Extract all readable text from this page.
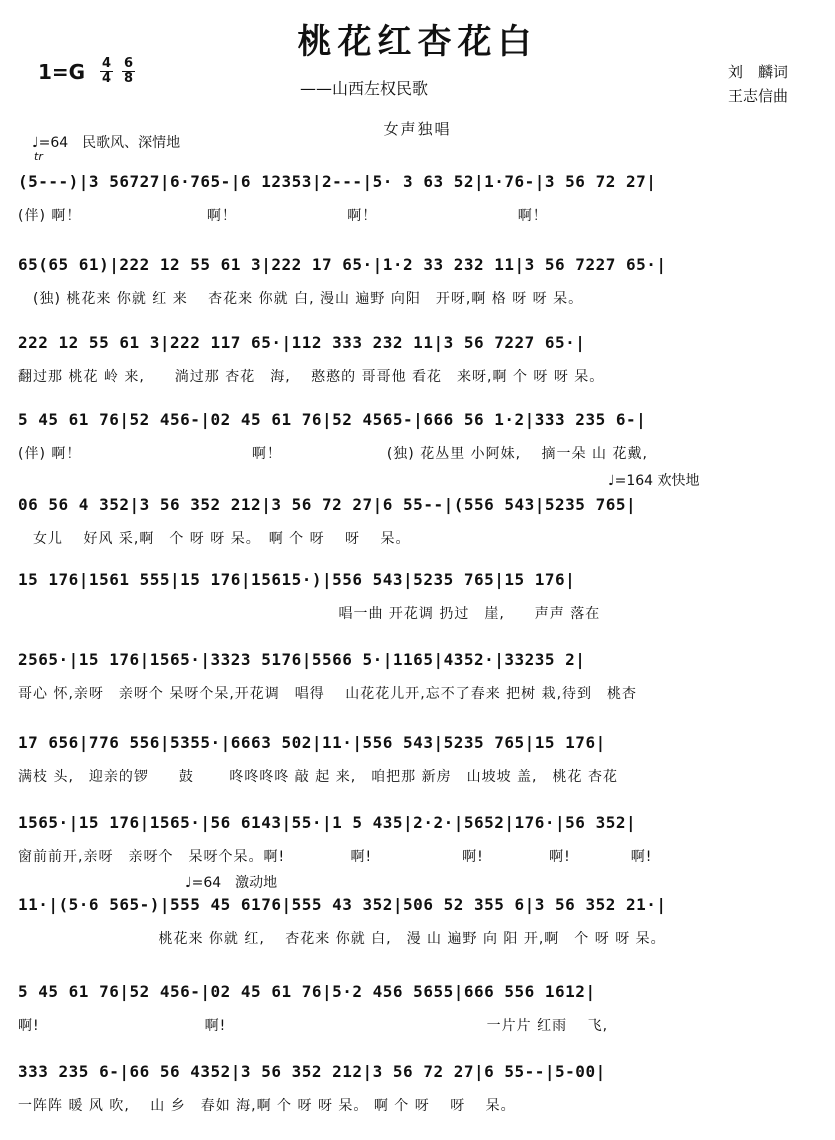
桃花红杏花白
1=G 4
4
6
8
——山西左权民歌
刘　麟词
王志信曲
女声独唱
♩=64　民歌风、深情地
tr
♩=164 欢快地
♩=64　激动地
(5---)|3 56727|6·765-|6 12353|2---|5· 3 63 52|1·76-|3 56 72 27|
(伴) 啊！　　　　　　　　 啊！　　　　　　　 啊！　　　　　　　　　 啊！
65(65 61)|222 12 55 61 3|222 17 65·|1·2 33 232 11|3 56 7227 65·|
　(独) 桃花来 你就 红 来　 杏花来 你就 白, 漫山 遍野 向阳　开呀,啊 格 呀 呀 呆。
222 12 55 61 3|222 117 65·|112 333 232 11|3 56 7227 65·|
翻过那 桃花 岭 来,　　淌过那 杏花　海,　 憨憨的 哥哥他 看花　来呀,啊 个 呀 呀 呆。
5 45 61 76|52 456-|02 45 61 76|52 4565-|666 56 1·2|333 235 6-|
(伴) 啊！　　　　　　　　　　　 啊！　　　　　　　(独) 花丛里 小阿妹,　 摘一朵 山 花戴,
06 56 4 352|3 56 352 212|3 56 72 27|6 55--|(556 543|5235 765|
　女儿　 好风 采,啊　个 呀 呀 呆。　啊 个 呀　 呀　 呆。
15 176|1561 555|15 176|15615·)|556 543|5235 765|15 176|
　　　　　　　　　　　　　　　　　　　　　 唱一曲 开花调 扔过　崖,　　声声 落在
2565·|15 176|1565·|3323 5176|5566 5·|1165|4352·|33235 2|
哥心 怀,亲呀　亲呀个 呆呀个呆,开花调　唱得　 山花花儿开,忘不了春来 把树 栽,待到　桃杏
17 656|776 556|5355·|6663 502|11·|556 543|5235 765|15 176|
满枝 头,　迎亲的锣　　鼓　　 咚咚咚咚 敲 起 来,　咱把那 新房　山坡坡 盖,　桃花 杏花
1565·|15 176|1565·|56 6143|55·|1 5 435|2·2·|5652|176·|56 352|
窗前前开,亲呀　亲呀个　呆呀个呆。啊!　　　　 啊!　　　　　　啊!　　　　 啊!　　　　啊!
11·|(5·6 565-)|555 45 6176|555 43 352|506 52 355 6|3 56 352 21·|
　　　　　　　　　 桃花来 你就 红,　 杏花来 你就 白,　漫 山 遍野 向 阳 开,啊　个 呀 呀 呆。
5 45 61 76|52 456-|02 45 61 76|5·2 456 5655|666 556 1612|
啊!　　　　　　　　　　　啊!　　　　　　　　　　　　　　　　　 一片片 红雨　 飞,
333 235 6-|66 56 4352|3 56 352 212|3 56 72 27|6 55--|5-00|
一阵阵 暖 风 吹,　 山 乡　春如 海,啊 个 呀 呀 呆。 啊 个 呀　 呀　 呆。
